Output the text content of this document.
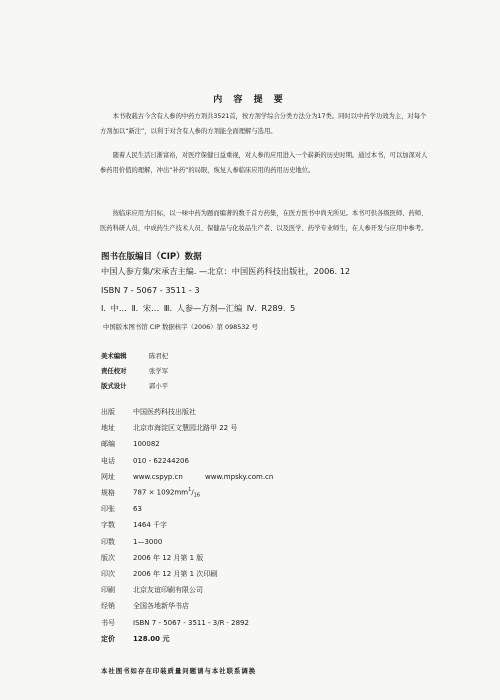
内 容 提 要

本书收载古今含有人参的中药方剂共3521首，按方剂学综合分类方法分为17类。同时以中药学功效为主，对每个方剂加以“新注”，以利于对含有人参的方剂能全面理解与选用。

随着人民生活日渐富裕，对医疗保健日益重视，对人参的应用进入一个崭新的历史时期。通过本书，可以加深对人参药用价值的理解，冲出“补药”的局限，恢复人参临床应用的药用历史地位。

按临床应用为目标，以一味中药为题而编著的数千首方药集，在医方医书中尚无所见。本书可供各级医师、药师、医药科研人员、中成药生产技术人员、保健品与化妆品生产者、以及医学、药学专业师生，在人参开发与应用中参考。

图书在版编目（CIP）数据
中国人参方集/宋承吉主编. —北京：中国医药科技出版社，2006. 12
ISBN 7 - 5067 - 3511 - 3
Ⅰ. 中… Ⅱ. 宋… Ⅲ. 人参—方剂—汇编 Ⅳ. R289. 5
中国版本图书馆 CIP 数据核字（2006）第 098532 号
美术编辑	陈君杞
责任校对	张学军
版式设计	郭小平
出版	中国医药科技出版社
地址	北京市海淀区文慧园北路甲 22 号
邮编	100082
电话	010 - 62244206
网址	www.cspyp.cn          www.mpsky.com.cn
规格	$787 \times 1092mm^1/_{16}$
印张	63
字数	1464 千字
印数	1—3000
版次	2006 年 12 月第 1 版
印次	2006 年 12 月第 1 次印刷
印刷	北京友谊印刷有限公司
经销	全国各地新华书店
书号	ISBN 7 - 5067 - 3511 - 3/R · 2892
定价	128.00 元
本社图书如存在印装质量问题请与本社联系调换
